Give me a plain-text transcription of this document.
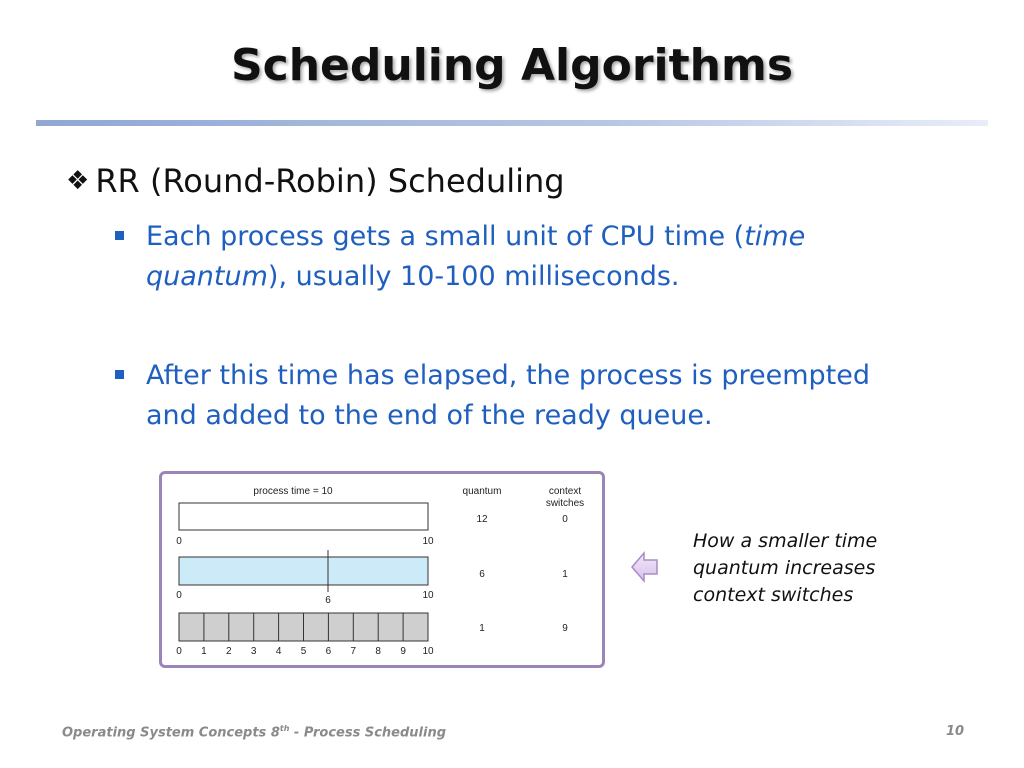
Scheduling Algorithms
❖ RR (Round-Robin) Scheduling
Each process gets a small unit of CPU time (time quantum), usually 10-100 milliseconds.
After this time has elapsed, the process is preempted and added to the end of the ready queue.
process time = 10	quantum	context
switches
0	10
12	0
0	6	10
6	1
0 1 2 3 4 5 6 7 8 9 10
1	9
How a smaller time
quantum increases
context switches
Operating System Concepts 8th - Process Scheduling	10
